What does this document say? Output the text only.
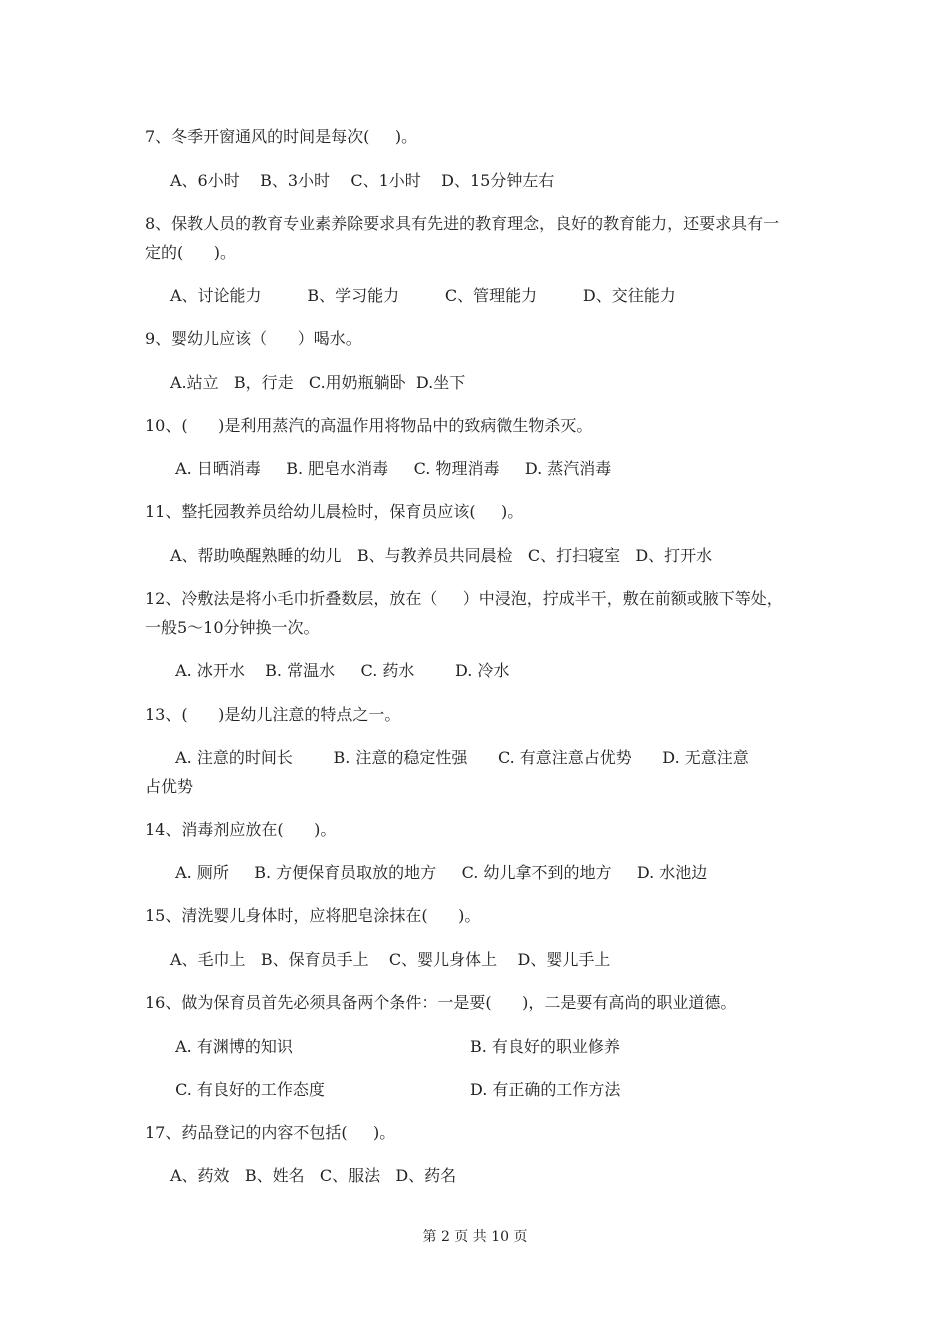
7、冬季开窗通风的时间是每次(     )。
A、6小时    B、3小时    C、1小时    D、15分钟左右
8、保教人员的教育专业素养除要求具有先进的教育理念，良好的教育能力，还要求具有一
定的(      )。
A、讨论能力         B、学习能力         C、管理能力         D、交往能力
9、婴幼儿应该（      ）喝水。
A.站立   B，行走   C.用奶瓶躺卧  D.坐下
10、(      )是利用蒸汽的高温作用将物品中的致病微生物杀灭。
A. 日晒消毒     B. 肥皂水消毒     C. 物理消毒     D. 蒸汽消毒
11、整托园教养员给幼儿晨检时，保育员应该(     )。
A、帮助唤醒熟睡的幼儿   B、与教养员共同晨检   C、打扫寝室   D、打开水
12、冷敷法是将小毛巾折叠数层，放在（     ）中浸泡，拧成半干，敷在前额或腋下等处，
一般5～10分钟换一次。
A. 冰开水    B. 常温水     C. 药水        D. 冷水
13、(      )是幼儿注意的特点之一。
A. 注意的时间长        B. 注意的稳定性强      C. 有意注意占优势      D. 无意注意
占优势
14、消毒剂应放在(      )。
A. 厕所     B. 方便保育员取放的地方     C. 幼儿拿不到的地方     D. 水池边
15、清洗婴儿身体时，应将肥皂涂抹在(      )。
A、毛巾上   B、保育员手上    C、婴儿身体上    D、婴儿手上
16、做为保育员首先必须具备两个条件：一是要(      )，二是要有高尚的职业道德。
A. 有渊博的知识	B. 有良好的职业修养
C. 有良好的工作态度	D. 有正确的工作方法
17、药品登记的内容不包括(     )。
A、药效   B、姓名   C、服法   D、药名
第 2 页 共 10 页
